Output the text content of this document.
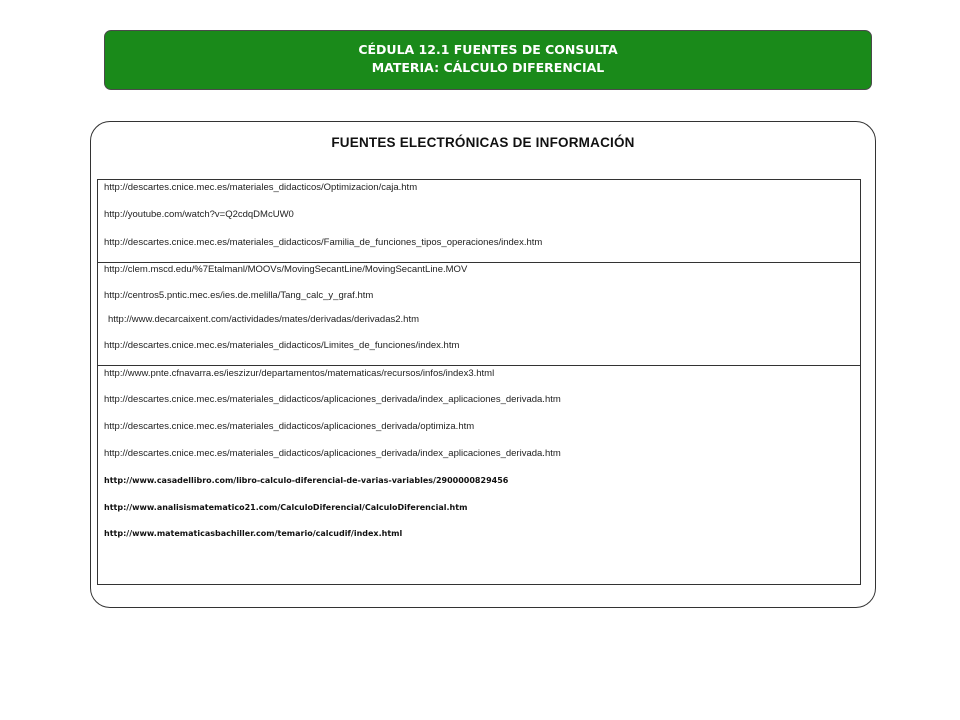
CÉDULA 12.1 FUENTES DE CONSULTA
MATERIA: CÁLCULO DIFERENCIAL
FUENTES ELECTRÓNICAS DE INFORMACIÓN
http://descartes.cnice.mec.es/materiales_didacticos/Optimizacion/caja.htm
http://youtube.com/watch?v=Q2cdqDMcUW0
http://descartes.cnice.mec.es/materiales_didacticos/Familia_de_funciones_tipos_operaciones/index.htm
http://clem.mscd.edu/%7Etalmanl/MOOVs/MovingSecantLine/MovingSecantLine.MOV
http://centros5.pntic.mec.es/ies.de.melilla/Tang_calc_y_graf.htm
http://www.decarcaixent.com/actividades/mates/derivadas/derivadas2.htm
http://descartes.cnice.mec.es/materiales_didacticos/Limites_de_funciones/index.htm
http://www.pnte.cfnavarra.es/ieszizur/departamentos/matematicas/recursos/infos/index3.html
http://descartes.cnice.mec.es/materiales_didacticos/aplicaciones_derivada/index_aplicaciones_derivada.htm
http://descartes.cnice.mec.es/materiales_didacticos/aplicaciones_derivada/optimiza.htm
http://descartes.cnice.mec.es/materiales_didacticos/aplicaciones_derivada/index_aplicaciones_derivada.htm
http://www.casadellibro.com/libro-calculo-diferencial-de-varias-variables/2900000829456
http://www.analisismatematico21.com/CalculoDiferencial/CalculoDiferencial.htm
http://www.matematicasbachiller.com/temario/calcudif/index.html
